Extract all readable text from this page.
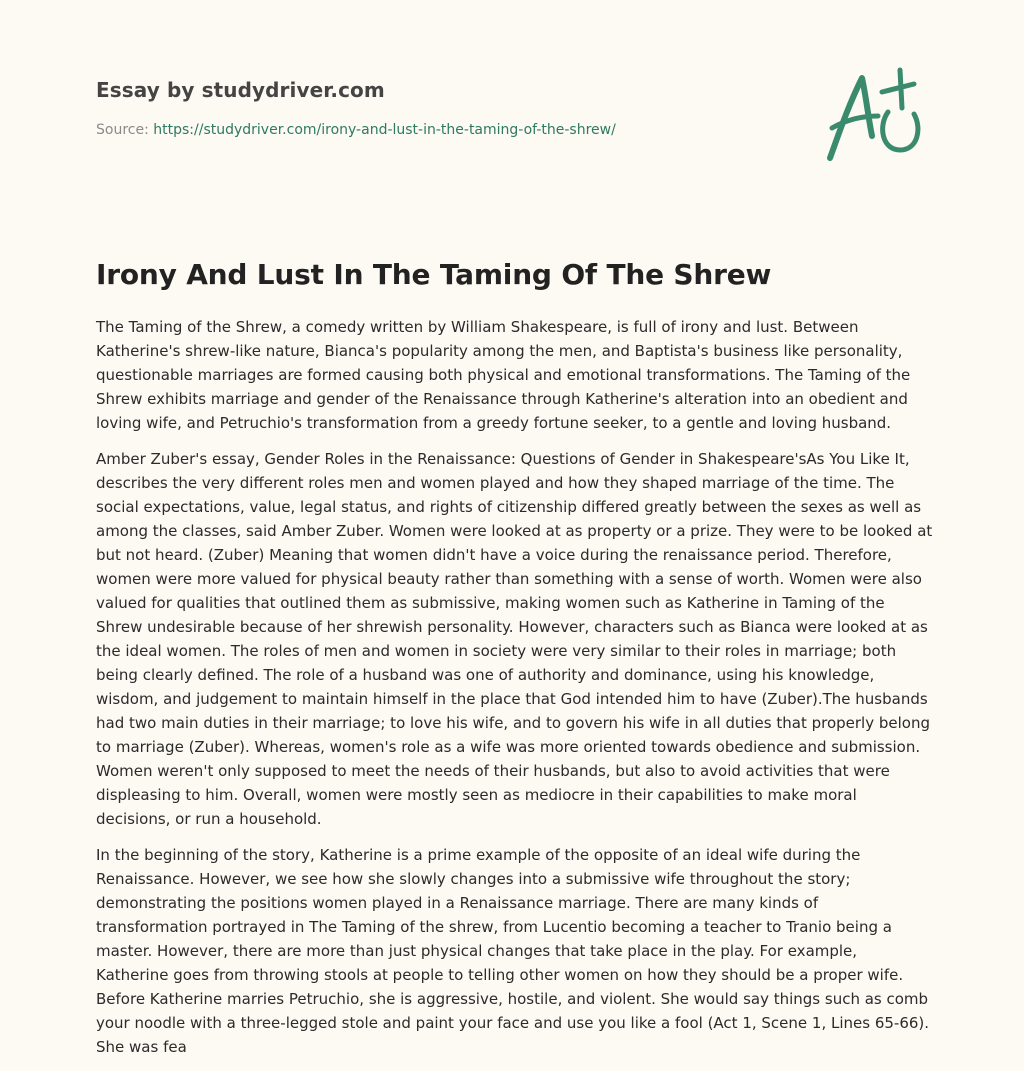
Essay by studydriver.com
Source: https://studydriver.com/irony-and-lust-in-the-taming-of-the-shrew/
Irony And Lust In The Taming Of The Shrew

The Taming of the Shrew, a comedy written by William Shakespeare, is full of irony and lust. Between Katherine's shrew-like nature, Bianca's popularity among the men, and Baptista's business like personality, questionable marriages are formed causing both physical and emotional transformations. The Taming of the Shrew exhibits marriage and gender of the Renaissance through Katherine's alteration into an obedient and loving wife, and Petruchio's transformation from a greedy fortune seeker, to a gentle and loving husband.

Amber Zuber's essay, Gender Roles in the Renaissance: Questions of Gender in Shakespeare'sAs You Like It, describes the very different roles men and women played and how they shaped marriage of the time. The social expectations, value, legal status, and rights of citizenship differed greatly between the sexes as well as among the classes, said Amber Zuber. Women were looked at as property or a prize. They were to be looked at but not heard. (Zuber) Meaning that women didn't have a voice during the renaissance period. Therefore, women were more valued for physical beauty rather than something with a sense of worth. Women were also valued for qualities that outlined them as submissive, making women such as Katherine in Taming of the Shrew undesirable because of her shrewish personality. However, characters such as Bianca were looked at as the ideal women. The roles of men and women in society were very similar to their roles in marriage; both being clearly defined. The role of a husband was one of authority and dominance, using his knowledge, wisdom, and judgement to maintain himself in the place that God intended him to have (Zuber).The husbands had two main duties in their marriage; to love his wife, and to govern his wife in all duties that properly belong to marriage (Zuber). Whereas, women's role as a wife was more oriented towards obedience and submission. Women weren't only supposed to meet the needs of their husbands, but also to avoid activities that were displeasing to him. Overall, women were mostly seen as mediocre in their capabilities to make moral decisions, or run a household.

In the beginning of the story, Katherine is a prime example of the opposite of an ideal wife during the Renaissance. However, we see how she slowly changes into a submissive wife throughout the story; demonstrating the positions women played in a Renaissance marriage. There are many kinds of transformation portrayed in The Taming of the shrew, from Lucentio becoming a teacher to Tranio being a master. However, there are more than just physical changes that take place in the play. For example, Katherine goes from throwing stools at people to telling other women on how they should be a proper wife. Before Katherine marries Petruchio, she is aggressive, hostile, and violent. She would say things such as comb your noodle with a three-legged stole and paint your face and use you like a fool (Act 1, Scene 1, Lines 65-66). She was fea
